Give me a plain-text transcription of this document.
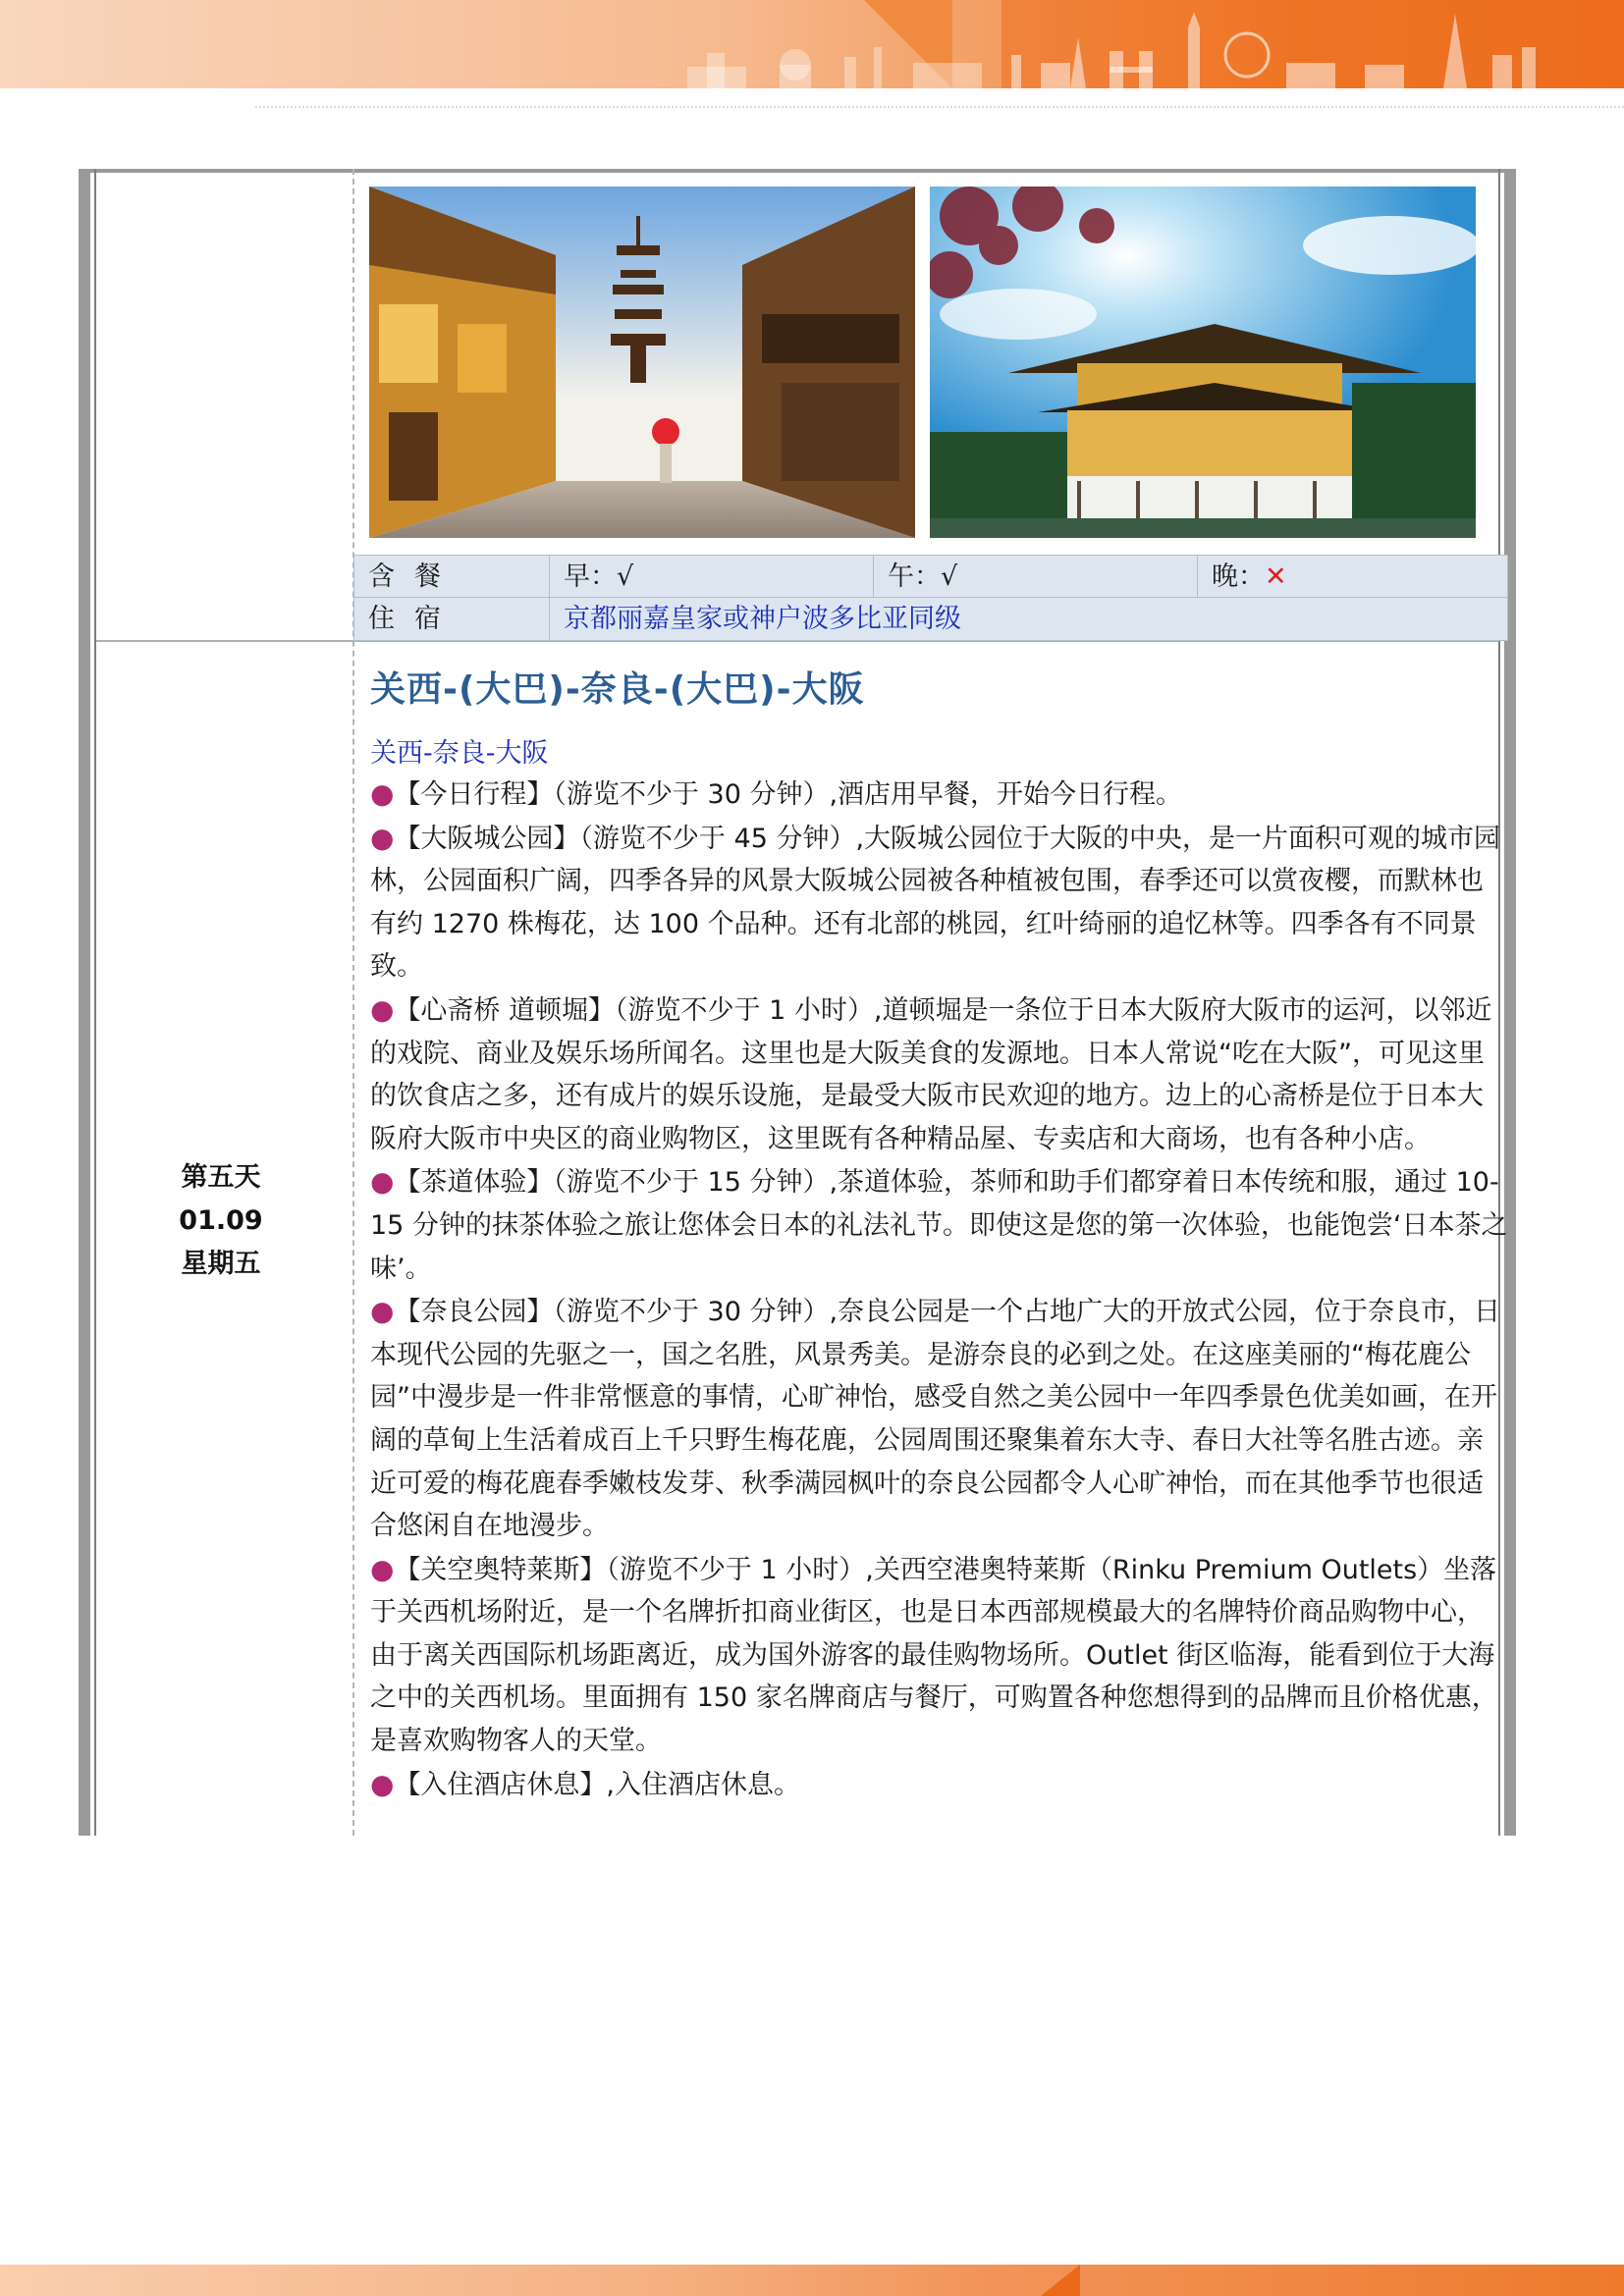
含餐	早：√	午：√	晚：✕
住宿	京都丽嘉皇家或神户波多比亚同级
第五天
01.09
星期五
关西-(大巴)-奈良-(大巴)-大阪
关西-奈良-大阪

●【今日行程】（游览不少于 30 分钟）,酒店用早餐，开始今日行程。

●【大阪城公园】（游览不少于 45 分钟）,大阪城公园位于大阪的中央，是一片面积可观的城市园林，公园面积广阔，四季各异的风景大阪城公园被各种植被包围，春季还可以赏夜樱，而默林也有约 1270 株梅花，达 100 个品种。还有北部的桃园，红叶绮丽的追忆林等。四季各有不同景致。

●【心斋桥 道顿堀】（游览不少于 1 小时）,道顿堀是一条位于日本大阪府大阪市的运河，以邻近的戏院、商业及娱乐场所闻名。这里也是大阪美食的发源地。日本人常说“吃在大阪”，可见这里的饮食店之多，还有成片的娱乐设施，是最受大阪市民欢迎的地方。边上的心斋桥是位于日本大阪府大阪市中央区的商业购物区，这里既有各种精品屋、专卖店和大商场，也有各种小店。

●【茶道体验】（游览不少于 15 分钟）,茶道体验，茶师和助手们都穿着日本传统和服，通过 10-15 分钟的抹茶体验之旅让您体会日本的礼法礼节。即使这是您的第一次体验，也能饱尝‘日本茶之味’。

●【奈良公园】（游览不少于 30 分钟）,奈良公园是一个占地广大的开放式公园，位于奈良市，日本现代公园的先驱之一，国之名胜，风景秀美。是游奈良的必到之处。在这座美丽的“梅花鹿公园”中漫步是一件非常惬意的事情，心旷神怡，感受自然之美公园中一年四季景色优美如画，在开阔的草甸上生活着成百上千只野生梅花鹿，公园周围还聚集着东大寺、春日大社等名胜古迹。亲近可爱的梅花鹿春季嫩枝发芽、秋季满园枫叶的奈良公园都令人心旷神怡，而在其他季节也很适合悠闲自在地漫步。

●【关空奥特莱斯】（游览不少于 1 小时）,关西空港奥特莱斯（Rinku Premium Outlets）坐落于关西机场附近，是一个名牌折扣商业街区，也是日本西部规模最大的名牌特价商品购物中心，由于离关西国际机场距离近，成为国外游客的最佳购物场所。Outlet 街区临海，能看到位于大海之中的关西机场。里面拥有 150 家名牌商店与餐厅，可购置各种您想得到的品牌而且价格优惠，是喜欢购物客人的天堂。

●【入住酒店休息】,入住酒店休息。
